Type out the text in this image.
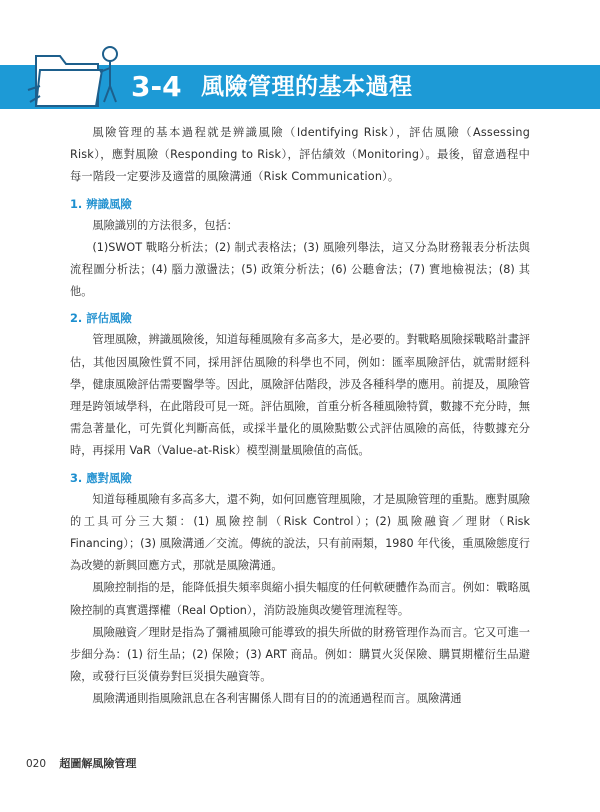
3-4 風險管理的基本過程

風險管理的基本過程就是辨識風險（Identifying Risk），評估風險（Assessing Risk），應對風險（Responding to Risk），評估績效（Monitoring）。最後，留意過程中每一階段一定要涉及適當的風險溝通（Risk Communication）。

1. 辨識風險

風險識別的方法很多，包括：

(1)SWOT 戰略分析法；(2) 制式表格法；(3) 風險列舉法，這又分為財務報表分析法與流程圖分析法；(4) 腦力激盪法；(5) 政策分析法；(6) 公聽會法；(7) 實地檢視法；(8) 其他。

2. 評估風險

管理風險，辨識風險後，知道每種風險有多高多大，是必要的。對戰略風險採戰略計畫評估，其他因風險性質不同，採用評估風險的科學也不同，例如：匯率風險評估，就需財經科學，健康風險評估需要醫學等。因此，風險評估階段，涉及各種科學的應用。前提及，風險管理是跨領域學科，在此階段可見一斑。評估風險，首重分析各種風險特質，數據不充分時，無需急著量化，可先質化判斷高低，或採半量化的風險點數公式評估風險的高低，待數據充分時，再採用 VaR（Value-at-Risk）模型測量風險值的高低。

3. 應對風險

知道每種風險有多高多大，還不夠，如何回應管理風險，才是風險管理的重點。應對風險的工具可分三大類：(1) 風險控制（Risk Control）；(2) 風險融資／理財（Risk Financing）；(3) 風險溝通／交流。傳統的說法，只有前兩類，1980 年代後，重風險態度行為改變的新興回應方式，那就是風險溝通。

風險控制指的是，能降低損失頻率與縮小損失幅度的任何軟硬體作為而言。例如：戰略風險控制的真實選擇權（Real Option），消防設施與改變管理流程等。

風險融資／理財是指為了彌補風險可能導致的損失所做的財務管理作為而言。它又可進一步細分為：(1) 衍生品；(2) 保險；(3) ART 商品。例如：購買火災保險、購買期權衍生品避險，或發行巨災債券對巨災損失融資等。

風險溝通則指風險訊息在各利害關係人間有目的的流通過程而言。風險溝通

020 超圖解風險管理
